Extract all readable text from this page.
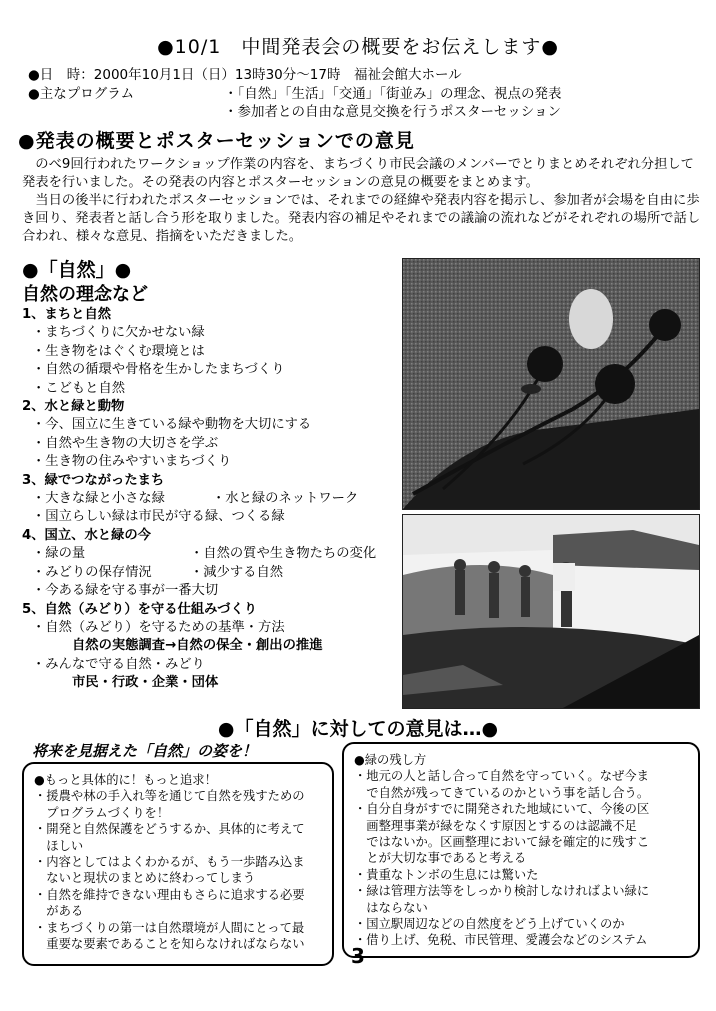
●10/1　中間発表会の概要をお伝えします●
●日　時：2000年10月1日（日）13時30分～17時　福祉会館大ホール
●主なプログラム	・「自然」「生活」「交通」「街並み」の理念、視点の発表
・参加者との自由な意見交換を行うポスターセッション
●発表の概要とポスターセッションでの意見

のべ9回行われたワークショップ作業の内容を、まちづくり市民会議のメンバーでとりまとめそれぞれ分担して発表を行いました。その発表の内容とポスターセッションの意見の概要をまとめます。

当日の後半に行われたポスターセッションでは、それまでの経緯や発表内容を掲示し、参加者が会場を自由に歩き回り、発表者と話し合う形を取りました。発表内容の補足やそれまでの議論の流れなどがそれぞれの場所で話し合われ、様々な意見、指摘をいただきました。

●「自然」●
自然の理念など
1、まちと自然
・まちづくりに欠かせない緑
・生き物をはぐくむ環境とは
・自然の循環や骨格を生かしたまちづくり
・こどもと自然
2、水と緑と動物
・今、国立に生きている緑や動物を大切にする
・自然や生き物の大切さを学ぶ
・生き物の住みやすいまちづくり
3、緑でつながったまち
・大きな緑と小さな緑	・水と緑のネットワーク
・国立らしい緑は市民が守る緑、つくる緑
4、国立、水と緑の今
・緑の量	・自然の質や生き物たちの変化
・みどりの保存情況	・減少する自然
・今ある緑を守る事が一番大切
5、自然（みどり）を守る仕組みづくり
・自然（みどり）を守るための基準・方法
自然の実態調査→自然の保全・創出の推進
・みんなで守る自然・みどり
市民・行政・企業・団体
●「自然」に対しての意見は…●
将来を見据えた「自然」の姿を！
●もっと具体的に！もっと追求！
・援農や林の手入れ等を通じて自然を残すための
　プログラムづくりを！
・開発と自然保護をどうするか、具体的に考えて
　ほしい
・内容としてはよくわかるが、もう一歩踏み込ま
　ないと現状のまとめに終わってしまう
・自然を維持できない理由もさらに追求する必要
　がある
・まちづくりの第一は自然環境が人間にとって最
　重要な要素であることを知らなければならない
●緑の残し方
・地元の人と話し合って自然を守っていく。なぜ今ま
　で自然が残ってきているのかという事を話し合う。
・自分自身がすでに開発された地域にいて、今後の区
　画整理事業が緑をなくす原因とするのは認識不足
　ではないか。区画整理において緑を確定的に残すこ
　とが大切な事であると考える
・貴重なトンボの生息には驚いた
・緑は管理方法等をしっかり検討しなければよい緑に
　はならない
・国立駅周辺などの自然度をどう上げていくのか
・借り上げ、免税、市民管理、愛護会などのシステム
3
